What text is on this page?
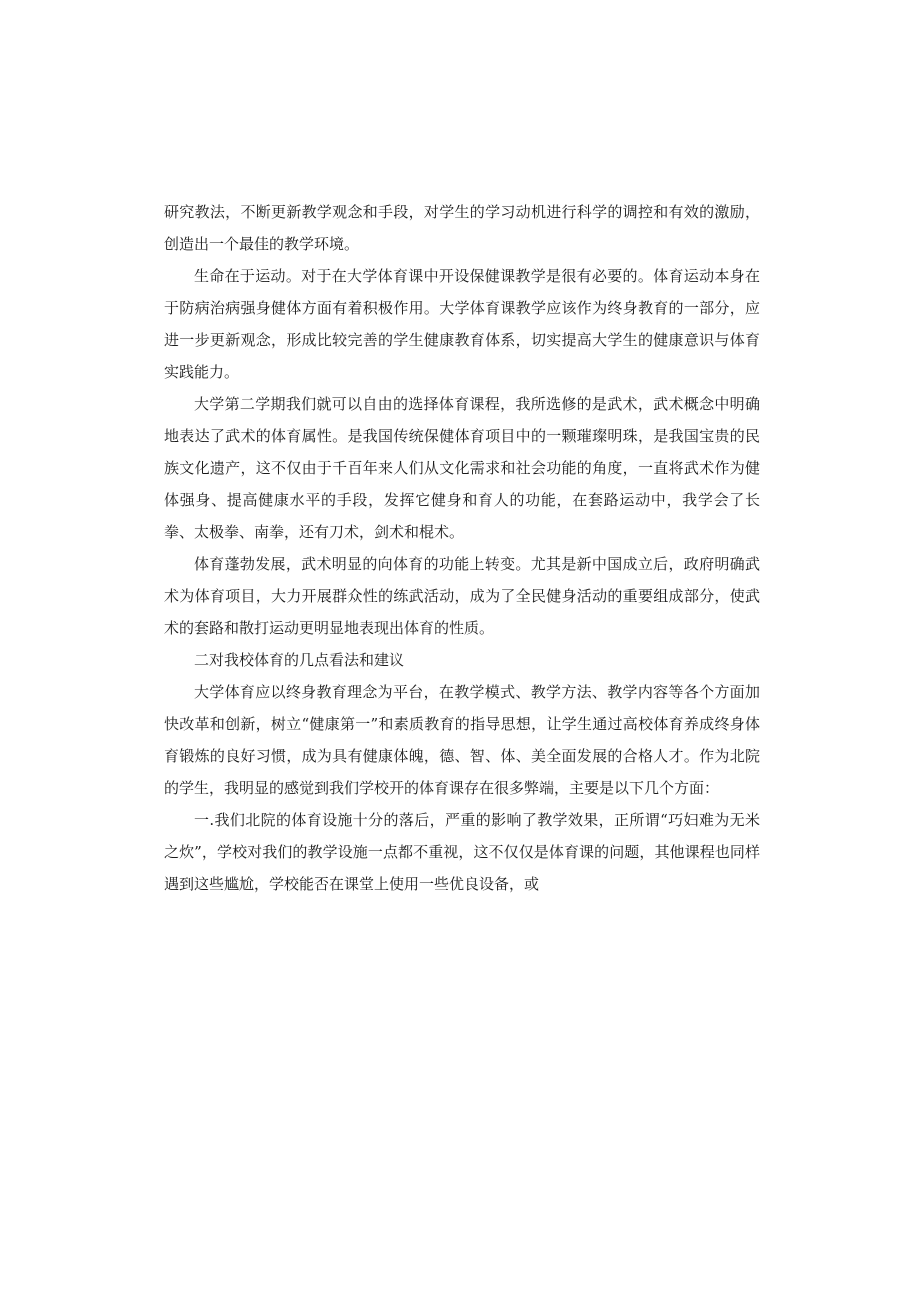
研究教法，不断更新教学观念和手段，对学生的学习动机进行科学的调控和有效的激励，创造出一个最佳的教学环境。

生命在于运动。对于在大学体育课中开设保健课教学是很有必要的。体育运动本身在于防病治病强身健体方面有着积极作用。大学体育课教学应该作为终身教育的一部分，应进一步更新观念，形成比较完善的学生健康教育体系，切实提高大学生的健康意识与体育实践能力。

大学第二学期我们就可以自由的选择体育课程，我所选修的是武术，武术概念中明确地表达了武术的体育属性。是我国传统保健体育项目中的一颗璀璨明珠，是我国宝贵的民族文化遗产，这不仅由于千百年来人们从文化需求和社会功能的角度，一直将武术作为健体强身、提高健康水平的手段，发挥它健身和育人的功能，在套路运动中，我学会了长拳、太极拳、南拳，还有刀术，剑术和棍术。

体育蓬勃发展，武术明显的向体育的功能上转变。尤其是新中国成立后，政府明确武术为体育项目，大力开展群众性的练武活动，成为了全民健身活动的重要组成部分，使武术的套路和散打运动更明显地表现出体育的性质。

二对我校体育的几点看法和建议

大学体育应以终身教育理念为平台，在教学模式、教学方法、教学内容等各个方面加快改革和创新，树立“健康第一”和素质教育的指导思想，让学生通过高校体育养成终身体育锻炼的良好习惯，成为具有健康体魄，德、智、体、美全面发展的合格人才。作为北院的学生，我明显的感觉到我们学校开的体育课存在很多弊端，主要是以下几个方面：

一.我们北院的体育设施十分的落后，严重的影响了教学效果，正所谓“巧妇难为无米之炊”，学校对我们的教学设施一点都不重视，这不仅仅是体育课的问题，其他课程也同样遇到这些尴尬，学校能否在课堂上使用一些优良设备，或
